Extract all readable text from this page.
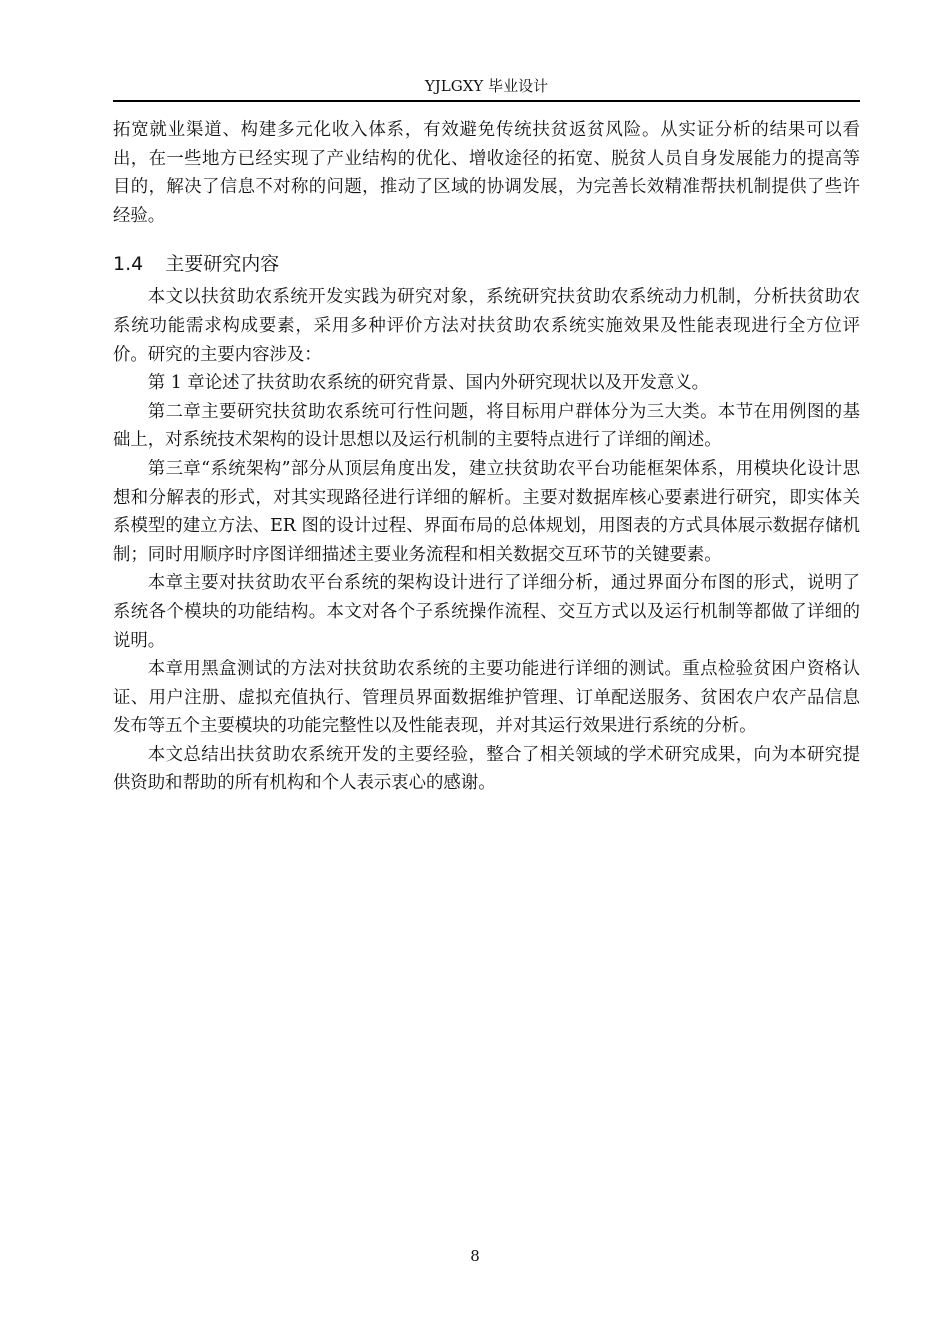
YJLGXY 毕业设计

拓宽就业渠道、构建多元化收入体系，有效避免传统扶贫返贫风险。从实证分析的结果可以看出，在一些地方已经实现了产业结构的优化、增收途径的拓宽、脱贫人员自身发展能力的提高等目的，解决了信息不对称的问题，推动了区域的协调发展，为完善长效精准帮扶机制提供了些许经验。

1.4 主要研究内容

本文以扶贫助农系统开发实践为研究对象，系统研究扶贫助农系统动力机制，分析扶贫助农系统功能需求构成要素，采用多种评价方法对扶贫助农系统实施效果及性能表现进行全方位评价。研究的主要内容涉及：

第 1 章论述了扶贫助农系统的研究背景、国内外研究现状以及开发意义。

第二章主要研究扶贫助农系统可行性问题，将目标用户群体分为三大类。本节在用例图的基础上，对系统技术架构的设计思想以及运行机制的主要特点进行了详细的阐述。

第三章“系统架构”部分从顶层角度出发，建立扶贫助农平台功能框架体系，用模块化设计思想和分解表的形式，对其实现路径进行详细的解析。主要对数据库核心要素进行研究，即实体关系模型的建立方法、ER 图的设计过程、界面布局的总体规划，用图表的方式具体展示数据存储机制；同时用顺序时序图详细描述主要业务流程和相关数据交互环节的关键要素。

本章主要对扶贫助农平台系统的架构设计进行了详细分析，通过界面分布图的形式，说明了系统各个模块的功能结构。本文对各个子系统操作流程、交互方式以及运行机制等都做了详细的说明。

本章用黑盒测试的方法对扶贫助农系统的主要功能进行详细的测试。重点检验贫困户资格认证、用户注册、虚拟充值执行、管理员界面数据维护管理、订单配送服务、贫困农户农产品信息发布等五个主要模块的功能完整性以及性能表现，并对其运行效果进行系统的分析。

本文总结出扶贫助农系统开发的主要经验，整合了相关领域的学术研究成果，向为本研究提供资助和帮助的所有机构和个人表示衷心的感谢。

8
